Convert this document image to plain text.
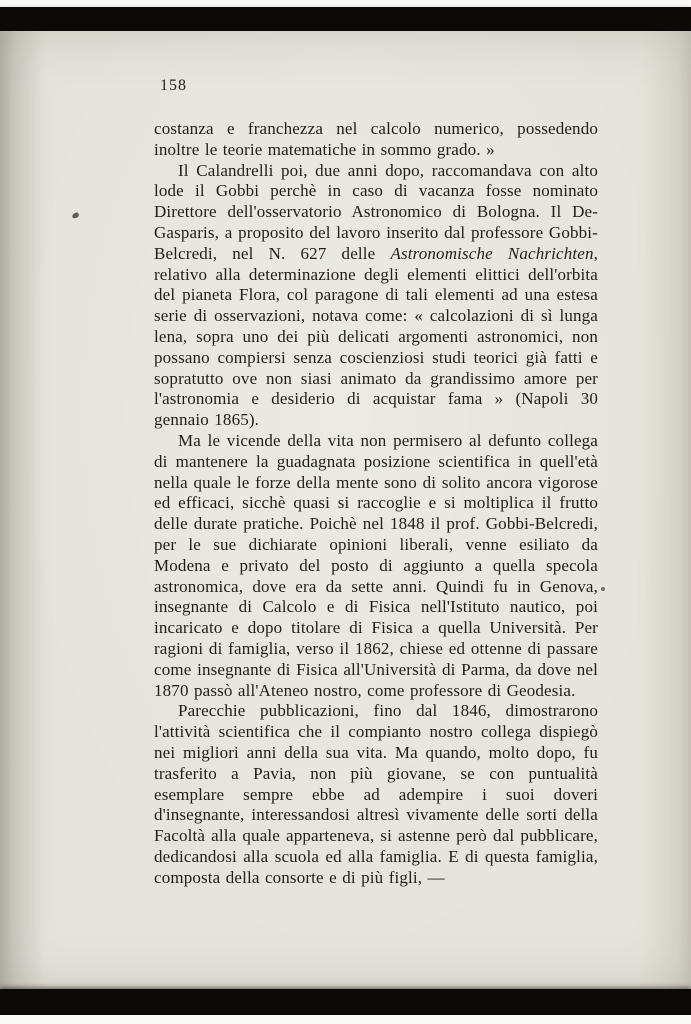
158

costanza e franchezza nel calcolo numerico, possedendo inoltre le teorie matematiche in sommo grado. »

Il Calandrelli poi, due anni dopo, raccomandava con alto lode il Gobbi perchè in caso di vacanza fosse nominato Direttore dell'osservatorio Astronomico di Bologna. Il De-Gasparis, a proposito del lavoro inserito dal professore Gobbi-Belcredi, nel N. 627 delle Astronomische Nachrichten, relativo alla determinazione degli elementi elittici dell'orbita del pianeta Flora, col paragone di tali elementi ad una estesa serie di osservazioni, notava come: « calcolazioni di sì lunga lena, sopra uno dei più delicati argomenti astronomici, non possano compiersi senza coscienziosi studi teorici già fatti e sopratutto ove non siasi animato da grandissimo amore per l'astronomia e desiderio di acquistar fama » (Napoli 30 gennaio 1865).

Ma le vicende della vita non permisero al defunto collega di mantenere la guadagnata posizione scientifica in quell'età nella quale le forze della mente sono di solito ancora vigorose ed efficaci, sicchè quasi si raccoglie e si moltiplica il frutto delle durate pratiche. Poichè nel 1848 il prof. Gobbi-Belcredi, per le sue dichiarate opinioni liberali, venne esiliato da Modena e privato del posto di aggiunto a quella specola astronomica, dove era da sette anni. Quindi fu in Genova, insegnante di Calcolo e di Fisica nell'Istituto nautico, poi incaricato e dopo titolare di Fisica a quella Università. Per ragioni di famiglia, verso il 1862, chiese ed ottenne di passare come insegnante di Fisica all'Università di Parma, da dove nel 1870 passò all'Ateneo nostro, come professore di Geodesia.

Parecchie pubblicazioni, fino dal 1846, dimostrarono l'attività scientifica che il compianto nostro collega dispiegò nei migliori anni della sua vita. Ma quando, molto dopo, fu trasferito a Pavia, non più giovane, se con puntualità esemplare sempre ebbe ad adempire i suoi doveri d'insegnante, interessandosi altresì vivamente delle sorti della Facoltà alla quale apparteneva, si astenne però dal pubblicare, dedicandosi alla scuola ed alla famiglia. E di questa famiglia, composta della consorte e di più figli, —
